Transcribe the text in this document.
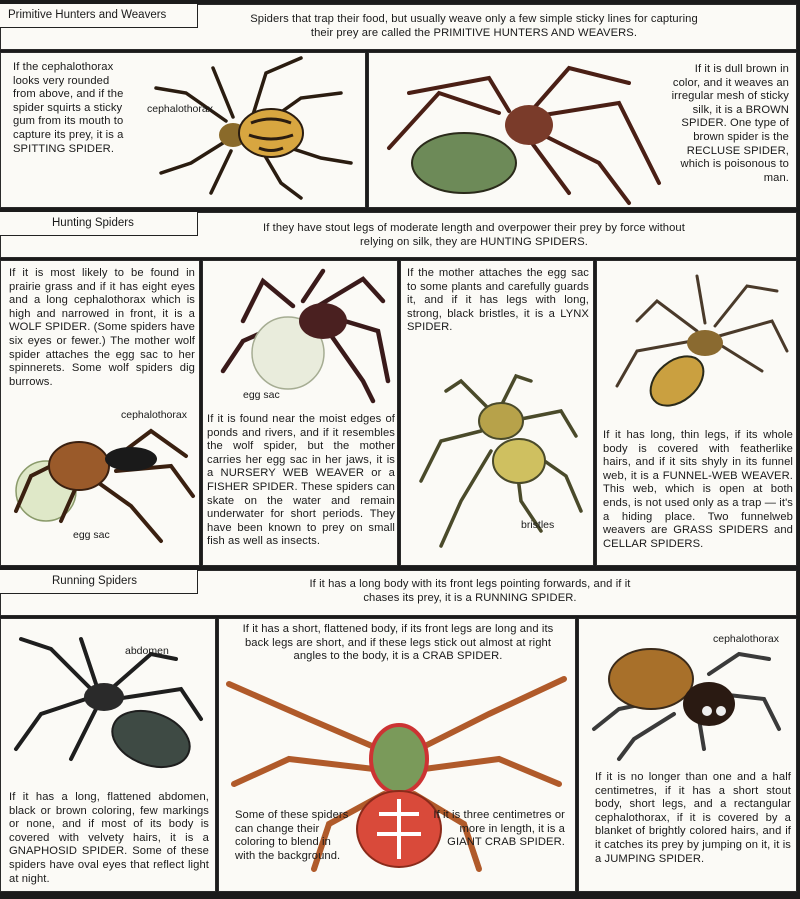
Primitive Hunters and Weavers	Spiders that trap their food, but usually weave only a few simple sticky lines for capturing their prey are called the PRIMITIVE HUNTERS AND WEAVERS.
cephalothorax
If the cephalothorax looks very rounded from above, and if the spider squirts a sticky gum from its mouth to capture its prey, it is a SPITTING SPIDER.
If it is dull brown in color, and it weaves an irregular mesh of sticky silk, it is a BROWN SPIDER. One type of brown spider is the RECLUSE SPIDER, which is poisonous to man.
Hunting Spiders	If they have stout legs of moderate length and overpower their prey by force without relying on silk, they are HUNTING SPIDERS.
If it is most likely to be found in prairie grass and if it has eight eyes and a long cephalothorax which is high and narrowed in front, it is a WOLF SPIDER. (Some spiders have six eyes or fewer.) The mother wolf spider attaches the egg sac to her spinnerets. Some wolf spiders dig burrows.
cephalothorax
egg sac
egg sac
If it is found near the moist edges of ponds and rivers, and if it resembles the wolf spider, but the mother carries her egg sac in her jaws, it is a NURSERY WEB WEAVER or a FISHER SPIDER. These spiders can skate on the water and remain underwater for short periods. They have been known to prey on small fish as well as insects.
If the mother attaches the egg sac to some plants and carefully guards it, and if it has legs with long, strong, black bristles, it is a LYNX SPIDER.
bristles
If it has long, thin legs, if its whole body is covered with featherlike hairs, and if it sits shyly in its funnel web, it is a FUNNEL-WEB WEAVER. This web, which is open at both ends, is not used only as a trap — it's a hiding place. Two funnelweb weavers are GRASS SPIDERS and CELLAR SPIDERS.
Running Spiders	If it has a long body with its front legs pointing forwards, and if it chases its prey, it is a RUNNING SPIDER.
abdomen
If it has a long, flattened abdomen, black or brown coloring, few markings or none, and if most of its body is covered with velvety hairs, it is a GNAPHOSID SPIDER. Some of these spiders have oval eyes that reflect light at night.
If it has a short, flattened body, if its front legs are long and its back legs are short, and if these legs stick out almost at right angles to the body, it is a CRAB SPIDER.
Some of these spiders can change their coloring to blend in with the background.
If it is three centimetres or more in length, it is a GIANT CRAB SPIDER.
cephalothorax
If it is no longer than one and a half centimetres, if it has a short stout body, short legs, and a rectangular cephalothorax, if it is covered by a blanket of brightly colored hairs, and if it catches its prey by jumping on it, it is a JUMPING SPIDER.
